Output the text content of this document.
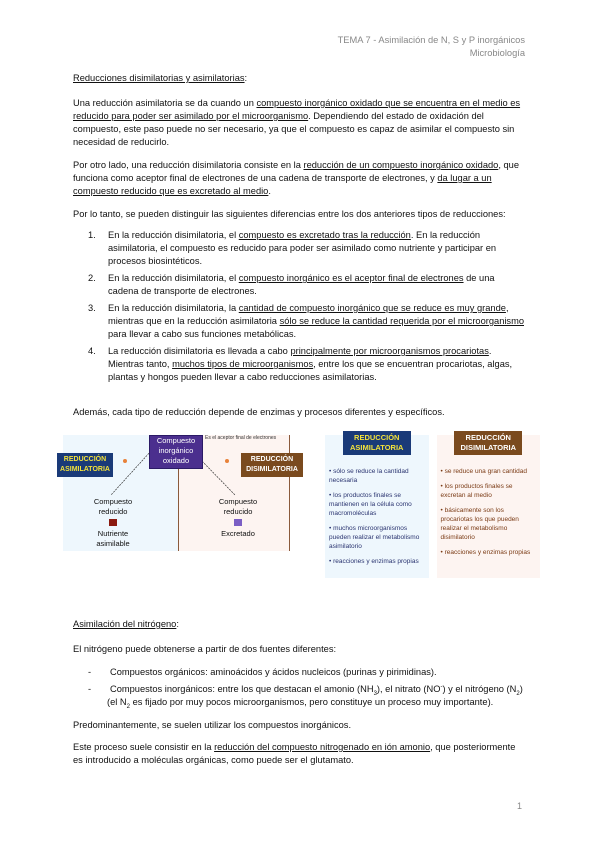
TEMA 7 - Asimilación de N, S y P inorgánicos
Microbiología
Reducciones disimilatorias y asimilatorias:
Una reducción asimilatoria se da cuando un compuesto inorgánico oxidado que se encuentra en el medio es reducido para poder ser asimilado por el microorganismo. Dependiendo del estado de oxidación del compuesto, este paso puede no ser necesario, ya que el compuesto es capaz de asimilar el compuesto sin necesidad de reducirlo.
Por otro lado, una reducción disimilatoria consiste en la reducción de un compuesto inorgánico oxidado, que funciona como aceptor final de electrones de una cadena de transporte de electrones, y da lugar a un compuesto reducido que es excretado al medio.
Por lo tanto, se pueden distinguir las siguientes diferencias entre los dos anteriores tipos de reducciones:
1. En la reducción disimilatoria, el compuesto es excretado tras la reducción. En la reducción asimilatoria, el compuesto es reducido para poder ser asimilado como nutriente y participar en procesos biosintéticos.
2. En la reducción disimilatoria, el compuesto inorgánico es el aceptor final de electrones de una cadena de transporte de electrones.
3. En la reducción disimilatoria, la cantidad de compuesto inorgánico que se reduce es muy grande, mientras que en la reducción asimilatoria sólo se reduce la cantidad requerida por el microorganismo para llevar a cabo sus funciones metabólicas.
4. La reducción disimilatoria es llevada a cabo principalmente por microorganismos procariotas. Mientras tanto, muchos tipos de microorganismos, entre los que se encuentran procariotas, algas, plantas y hongos pueden llevar a cabo reducciones asimilatorias.
Además, cada tipo de reducción depende de enzimas y procesos diferentes y específicos.
Compuesto inorgánico oxidado
Es el aceptor final de electrones
REDUCCIÓN ASIMILATORIA
REDUCCIÓN DISIMILATORIA
Compuesto reducido
Nutriente asimilable
Compuesto reducido
Excretado
REDUCCIÓN ASIMILATORIA
• sólo se reduce la cantidad necesaria
• los productos finales se mantienen en la célula como macromoléculas
• muchos microorganismos pueden realizar el metabolismo asimilatorio
• reacciones y enzimas propias
REDUCCIÓN DISIMILATORIA
• se reduce una gran cantidad
• los productos finales se excretan al medio
• básicamente son los procariotas los que pueden realizar el metabolismo disimilatorio
• reacciones y enzimas propias
Asimilación del nitrógeno:
El nitrógeno puede obtenerse a partir de dos fuentes diferentes:
- Compuestos orgánicos: aminoácidos y ácidos nucleicos (purinas y pirimidinas).
- Compuestos inorgánicos: entre los que destacan el amonio $(NH_3)$, el nitrato (NO-) y el nitrógeno $(N_2)$
(el $N_2$ es fijado por muy pocos microorganismos, pero constituye un proceso muy importante).
Predominantemente, se suelen utilizar los compuestos inorgánicos.
Este proceso suele consistir en la reducción del compuesto nitrogenado en ión amonio, que posteriormente es introducido a moléculas orgánicas, como puede ser el glutamato.
1
